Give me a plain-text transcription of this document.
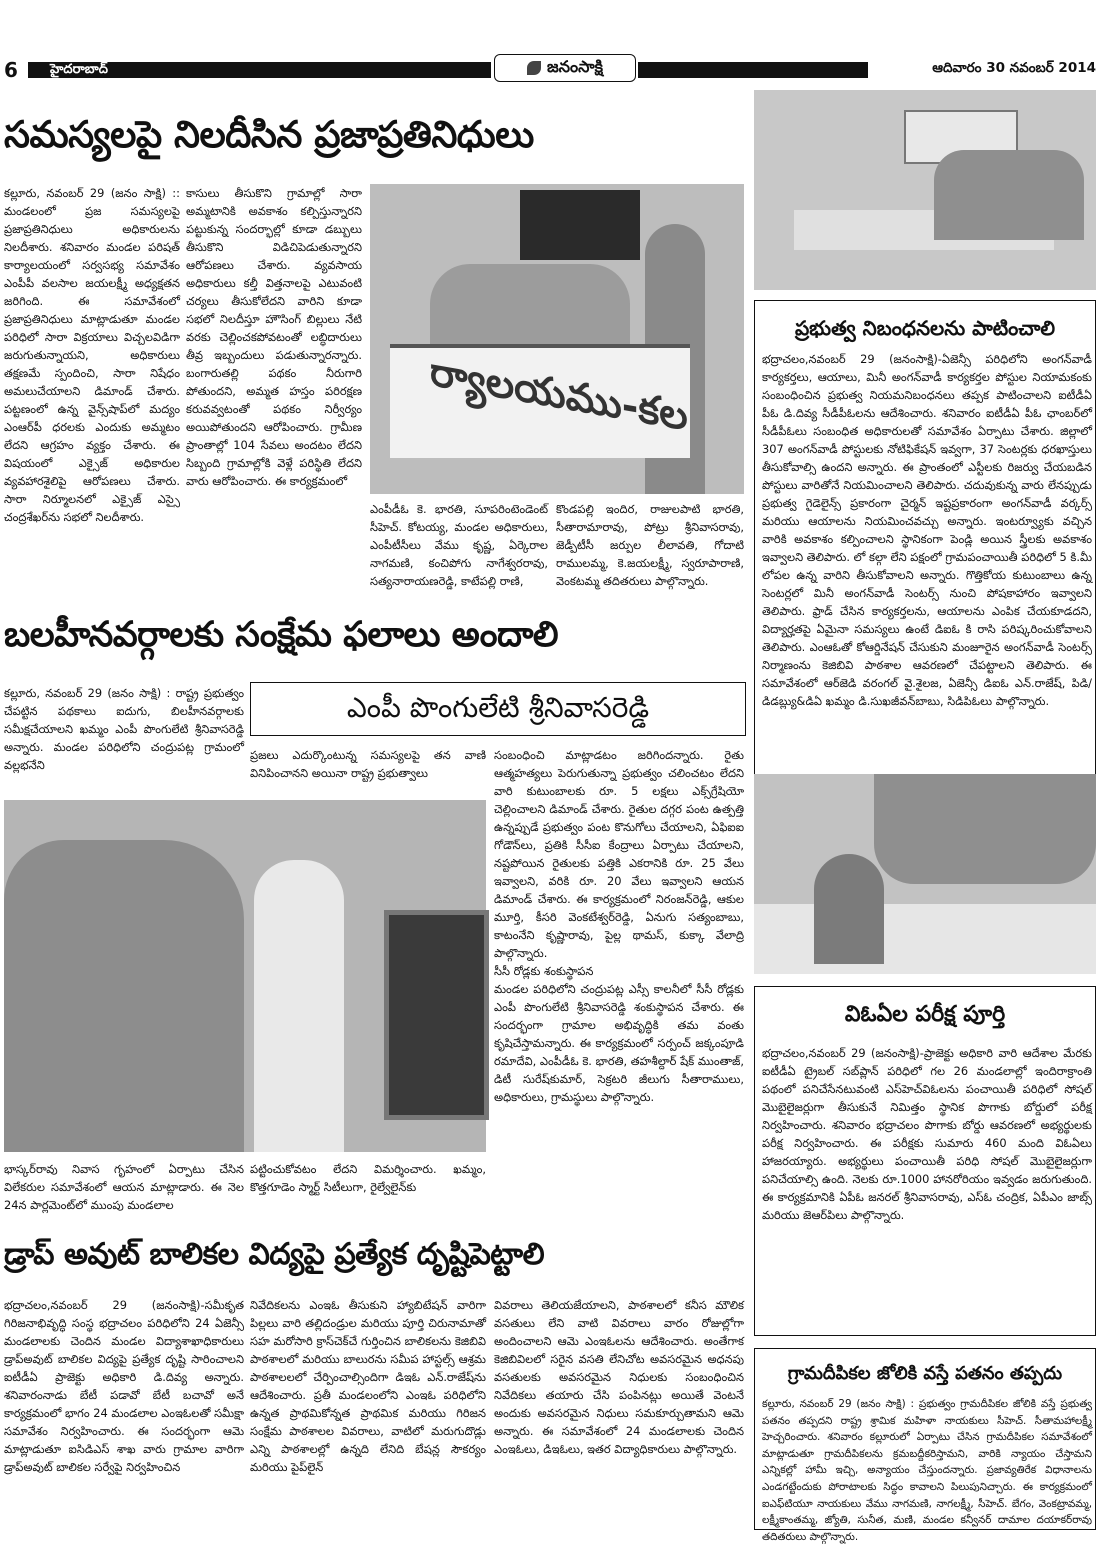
6 హైదరాబాద్	జనంసాక్షి	ఆదివారం 30 నవంబర్ 2014
సమస్యలపై నిలదీసిన ప్రజాప్రతినిధులు
కల్లూరు, నవంబర్ 29 (జనం సాక్షి) :: మండలంలో ప్రజ సమస్యలపై ప్రజాప్రతినిధులు అధికారులను నిలదీశారు. శనివారం మండల పరిషత్ కార్యాలయంలో సర్వసభ్య సమావేశం ఎంపీపీ వలసాల జయలక్ష్మీ అధ్యక్షతన జరిగింది. ఈ సమావేశంలో ప్రజాప్రతినిధులు మాట్లాడుతూ మండల పరిధిలో సారా విక్రయాలు విచ్చలవిడిగా జరుగుతున్నాయని, అధికారులు తక్షణమే స్పందించి, సారా నిషేధం అమలుచేయాలని డిమాండ్ చేశారు. పట్టణంలో ఉన్న వైన్స్‌షాప్‌లో మద్యం ఎంఆర్‌పీ ధరలకు ఎందుకు అమ్మటం లేదని ఆగ్రహం వ్యక్తం చేశారు. ఈ విషయంలో ఎక్సైజ్ అధికారుల వ్యవహారశైలిపై ఆరోపణలు చేశారు. సారా నిర్మూలనలో ఎక్సైజ్ ఎస్సై చంద్రశేఖర్‌ను సభలో నిలదీశారు.
కాసులు తీసుకొని గ్రామాల్లో సారా అమ్మటానికి అవకాశం కల్పిస్తున్నారని పట్టుకున్న సందర్భాల్లో కూడా డబ్బులు తీసుకొని విడిచిపెడుతున్నారని ఆరోపణలు చేశారు. వ్యవసాయ అధికారులు కల్తీ విత్తనాలపై ఎటువంటి చర్యలు తీసుకోలేదని వారిని కూడా సభలో నిలదీస్తూ హౌసింగ్ బిల్లులు నేటి వరకు చెల్లించకపోవటంతో లబ్ధిదారులు తీవ్ర ఇబ్బందులు పడుతున్నారన్నారు. బంగారుతల్లి పథకం నీరుగారి పోతుందని, అమ్మత హస్తం పరిరక్షణ కరువవ్వటంతో పథకం నిర్వీర్యం అయిపోతుందని ఆరోపించారు. గ్రామీణ ప్రాంతాల్లో 104 సేవలు అందటం లేదని సిబ్బంది గ్రామాల్లోకి వెళ్లే పరిస్థితి లేదని వారు ఆరోపించారు. ఈ కార్యక్రమంలో
ర్యాలయము-కల
ఎంపీడీఓ కె. భారతి, సూపరింటెండెంట్ సీహెచ్. కోటయ్య, మండల అధికారులు, ఎంపీటీసీలు వేము కృష్ణ, ఏర్కెరాల నాగమణి, కంచిపోగు నాగేశ్వరరావు, సత్యనారాయణరెడ్డి, కాటేపల్లి రాణి,
కొండపల్లి ఇందిర, రాజులపాటి భారతి, సీతారామారావు, పోట్రు శ్రీనివాసరావు, జెడ్పీటీసీ జర్పుల లీలావతి, గోదాటి రాములమ్మ, కె.జయలక్ష్మీ, స్వరూపారాణి, వెంకటమ్మ తదితరులు పాల్గొన్నారు.
ప్రభుత్వ నిబంధనలను పాటించాలి
భద్రాచలం,నవంబర్ 29 (జనంసాక్షి)-ఏజెన్సీ పరిధిలోని అంగన్‌వాడీ కార్యకర్తలు, ఆయాలు, మినీ అంగన్‌వాడీ కార్యకర్తల పోస్టుల నియామకంకు సంబంధించిన ప్రభుత్వ నియమనిబంధనలు తప్పక పాటించాలని ఐటీడీఏ పీఓ డి.దివ్య సీడీపీఓలను ఆదేశించారు. శనివారం ఐటీడీఏ పీఓ ఛాంబర్‌లో సీడీపీఓలు సంబంధిత అధికారులతో సమావేశం ఏర్పాటు చేశారు. జిల్లాలో 307 అంగన్‌వాడీ పోస్టులకు నోటిఫికేషన్ ఇవ్వగా, 37 సెంటర్లకు ధరఖాస్తులు తీసుకోవాల్సి ఉందని అన్నారు. ఈ ప్రాంతంలో ఎస్టీలకు రిజర్వు చేయబడిన పోస్టులు వారితోనే నియమించాలని తెలిపారు. చదువుకున్న వారు లేనప్పుడు ప్రభుత్వ గైడెలైన్స్ ప్రకారంగా చైర్మన్ ఇష్టప్రకారంగా అంగన్‌వాడీ వర్కర్స్ మరియు ఆయాలను నియమించవచ్చు అన్నారు. ఇంటర్వ్యూకు వచ్చిన వారికి అవకాశం కల్పించాలని స్థానికంగా పెండ్లి అయిన స్త్రీలకు అవకాశం ఇవ్వాలని తెలిపారు. లో కల్గా లేని పక్షంలో గ్రామపంచాయితీ పరిధిలో 5 కి.మీ లోపల ఉన్న వారిని తీసుకోవాలని అన్నారు. గొత్తికోయ కుటుంబాలు ఉన్న సెంటర్లలో మినీ అంగన్‌వాడీ సెంటర్స్ నుంచి పోషకాహారం ఇవ్వాలని తెలిపారు. ఫ్రాడ్ చేసిన కార్యకర్తలను, ఆయాలను ఎంపిక చేయకూడదని, విద్యార్హతపై ఏమైనా సమస్యలు ఉంటే డిఐఓ కి రాసి పరిష్కరించుకోవాలని తెలిపారు. ఎంఆఓతో కోఆర్డినేషన్ చేసుకుని మంజూరైన అంగన్‌వాడీ సెంటర్స్ నిర్మాణంను కెజిబివి పాఠశాల ఆవరణలో చేపట్టాలని తెలిపారు. ఈ సమావేశంలో ఆర్‌జెడి వరంగల్ వై.శైలజ, ఏజెన్సీ డిఐఓ ఎన్.రాజేష్, పిడి/డిడబ్ల్యు&డిఏ ఖమ్మం డి.సుఖజీవన్‌బాబు, సిడిపిఓలు పాల్గొన్నారు.
బలహీనవర్గాలకు సంక్షేమ ఫలాలు అందాలి
ఎంపీ పొంగులేటి శ్రీనివాసరెడ్డి
కల్లూరు, నవంబర్ 29 (జనం సాక్షి) : రాష్ట్ర ప్రభుత్వం చేపట్టిన పథకాలు ఐదుగు, బిలహీనవర్గాలకు సమీక్షచేయాలని ఖమ్మం ఎంపీ పొంగులేటి శ్రీనివాసరెడ్డి అన్నారు. మండల పరిధిలోని చంద్రుపట్ల గ్రామంలో వల్లభనేని
ప్రజలు ఎదుర్కొంటున్న సమస్యలపై తన వాణి వినిపించానని అయినా రాష్ట్ర ప్రభుత్వాలు
సంబంధించి మాట్లాడటం జరిగిందన్నారు. రైతు ఆత్మహత్యలు పెరుగుతున్నా ప్రభుత్వం చలించటం లేదని వారి కుటుంబాలకు రూ. 5 లక్షలు ఎక్స్‌గ్రేషియో చెల్లించాలని డిమాండ్ చేశారు. రైతుల దగ్గర పంట ఉత్పత్తి ఉన్నప్పుడే ప్రభుత్వం పంట కొనుగోలు చేయాలని, ఏఫిఐఐ గోడౌన్‌లు, ప్రతికి సీసీఐ కేంద్రాలు ఏర్పాటు చేయాలని, నష్టపోయిన రైతులకు పత్తికి ఎకరానికి రూ. 25 వేలు ఇవ్వాలని, వరికి రూ. 20 వేలు ఇవ్వాలని ఆయన డిమాండ్ చేశారు. ఈ కార్యక్రమంలో నిరంజన్‌రెడ్డి, ఆకుల మూర్తి, కీసరి వెంకటేశ్వర్‌రెడ్డి, ఏనుగు సత్యంబాబు, కాటంనేని కృష్ణారావు, పైల్ల థామస్, కుక్కా వేలాద్రి పాల్గొన్నారు.
సీసీ రోడ్లకు శంకుస్థాపన
మండల పరిధిలోని చంద్రుపట్ల ఎస్సీ కాలనీలో సీసీ రోడ్లకు ఎంపీ పొంగులేటి శ్రీనివాసరెడ్డి శంకుస్థాపన చేశారు. ఈ సందర్భంగా గ్రామాల అభివృద్ధికి తమ వంతు కృషిచేస్తామన్నారు. ఈ కార్యక్రమంలో సర్పంచ్ జక్కంపూడి రమాదేవి, ఎంపీడీఓ కె. భారతి, తహశీల్దార్ షేక్ ముంతాజ్, డిటీ సురేష్‌కుమార్, సెక్రటరి జీలుగు సీతారాములు, అధికారులు, గ్రామస్థులు పాల్గొన్నారు.
భాస్కర్‌రావు నివాస గృహంలో ఏర్పాటు చేసిన విలేకరుల సమావేశంలో ఆయన మాట్లాడారు. ఈ నెల 24న పార్లమెంట్‌లో ముంపు మండలాల
పట్టించుకోవటం లేదని విమర్శించారు. ఖమ్మం, కొత్తగూడెం స్మార్ట్ సిటీలుగా, రైల్వేలైన్‌కు
విఓఏల పరీక్ష పూర్తి
భద్రాచలం,నవంబర్ 29 (జనంసాక్షి)-ప్రాజెక్టు అధికారి వారి ఆదేశాల మేరకు ఐటీడీఏ ట్రైబల్ సబ్‌ప్లాన్ పరిధిలో గల 26 మండలాల్లో ఇందిరాక్రాంతి పథంలో పనిచేసేనటువంటి ఎస్‌హెచ్‌విఓలను పంచాయితీ పరిధిలో సోషల్ మొబైలైజర్లుగా తీసుకునే నిమిత్తం స్థానిక పొగాకు బోర్డులో పరీక్ష నిర్వహించారు. శనివారం భద్రాచలం పొగాకు బోర్డు ఆవరణలో అభ్యర్థులకు పరీక్ష నిర్వహించారు. ఈ పరీక్షకు సుమారు 460 మంది విఓఏలు హాజరయ్యారు. అభ్యర్థులు పంచాయితీ పరిధి సోషల్ మొబైలైజర్లుగా పనిచేయాల్సి ఉంది. నెలకు రూ.1000 హానరోరియం ఇవ్వడం జరుగుతుంది. ఈ కార్యక్రమానికి ఏపీఓ జనరల్ శ్రీనివాసరావు, ఎస్ఓ చంద్రిక, ఏపీఎం జాబ్స్ మరియు జెఆర్‌పిలు పాల్గొన్నారు.
డ్రాప్ అవుట్ బాలికల విద్యపై ప్రత్యేక దృష్టిపెట్టాలి
భద్రాచలం,నవంబర్ 29 (జనంసాక్షి)-సమీకృత గిరిజనాభివృద్ధి సంస్థ భద్రాచలం పరిధిలోని 24 ఏజెన్సీ మండలాలకు చెందిన మండల విద్యాశాఖాధికారులు డ్రాప్‌అవుట్ బాలికల విద్యపై ప్రత్యేక దృష్టి సారించాలని ఐటీడీఏ ప్రాజెక్టు అధికారి డి.దివ్య అన్నారు. శనివారంనాడు బేటీ పడావో బేటీ బచావో అనే కార్యక్రమంలో భాగం 24 మండలాల ఎంఇఓలతో సమీక్షా సమావేశం నిర్వహించారు. ఈ సందర్భంగా ఆమె మాట్లాడుతూ ఐసిడిఎస్ శాఖ వారు గ్రామాల వారిగా డ్రాప్‌అవుట్ బాలికల సర్వేపై నిర్వహించిన
నివేదికలను ఎంఇఓ తీసుకుని హ్యాబిటేషన్ వారిగా పిల్లలు వారి తల్లిదండ్రుల మరియు పూర్తి చిరునామాతో సహ మరోసారి క్రాస్‌చెక్‌చే గుర్తించిన బాలికలను కెజిబివి పాఠశాలలో మరియు బాలురను సమీప హాస్టల్స్ ఆశ్రమ పాఠశాలలలో చేర్పించాల్సిందిగా డిఇఓ ఎన్.రాజేష్‌ను ఆదేశించారు. ప్రతీ మండలంలోని ఎంఇఓ పరిధిలోని ఉన్నత ప్రాథమికోన్నత ప్రాథమిక మరియు గిరిజన సంక్షేమ పాఠశాలల వివరాలు, వాటిలో మరుగుదొడ్లు ఎన్ని పాఠశాలల్లో ఉన్నది లేనిది బేషన్ల సౌకర్యం మరియు పైప్‌లైన్
వివరాలు తెలియజేయాలని, పాఠశాలలో కనీస మౌలిక వసతులు లేని వాటి వివరాలు వారం రోజుల్లోగా అందించాలని ఆమె ఎంఇఓలను ఆదేశించారు. అంతేగాక కెజిబివిలలో సరైన వసతి లేనిచోట అవసరమైన అధనపు వసతులకు అవసరమైన నిధులకు సంబంధించిన నివేదికలు తయారు చేసి పంపినట్లు అయితే వెంటనే అందుకు అవసరమైన నిధులు సమకూర్చుతామని ఆమె అన్నారు. ఈ సమావేశంలో 24 మండలాలకు చెందిన ఎంఇఓలు, డిఇఓలు, ఇతర విద్యాధికారులు పాల్గొన్నారు.
గ్రామదీపికల జోలికి వస్తే పతనం తప్పదు
కల్లూరు, నవంబర్ 29 (జనం సాక్షి) : ప్రభుత్వం గ్రామదీపికల జోలికి వస్తే ప్రభుత్వ పతనం తప్పదని రాష్ట్ర శ్రామిక మహిళా నాయకులు సీహెచ్. సీతామహాలక్ష్మీ హెచ్చరించారు. శనివారం కల్లూరులో ఏర్పాటు చేసిన గ్రామదీపికల సమావేశంలో మాట్లాడుతూ గ్రామదీపికలను క్రమబద్దీకరిస్తామని, వారికి న్యాయం చేస్తామని ఎన్నికల్లో హామీ ఇచ్చి, అన్యాయం చేస్తుందన్నారు. ప్రజావ్యతిరేక విధానాలను ఎండగట్టేందుకు పోరాటాలకు సిద్ధం కావాలని పిలుపునిచ్చారు. ఈ కార్యక్రమంలో ఐఎఫ్‌టియూ నాయకులు వేము నాగమణి, నాగలక్ష్మీ, సీహెచ్. బేగం, వెంకట్రావమ్మ, లక్ష్మీకాంతమ్మ, జ్యోతి, సునీత, మణి, మండల కన్వీనర్ దామాల దయాకర్‌రావు తదితరులు పాల్గొన్నారు.
